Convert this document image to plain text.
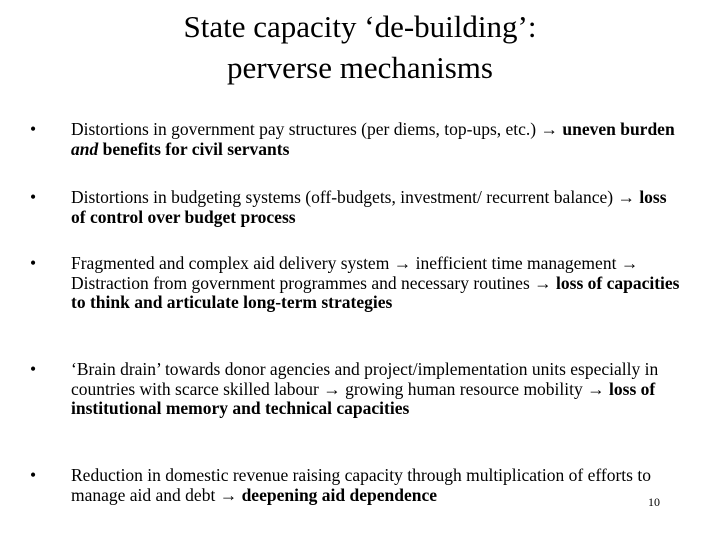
State capacity ‘de-building’:
perverse mechanisms
•	Distortions in government pay structures (per diems, top-ups, etc.) → uneven burden and benefits for civil servants
•	Distortions in budgeting systems (off-budgets, investment/ recurrent balance) → loss of control over budget process
•	Fragmented and complex aid delivery system → inefficient time management → Distraction from government programmes and necessary routines → loss of capacities to think and articulate long-term strategies
•	‘Brain drain’ towards donor agencies and project/implementation units especially in countries with scarce skilled labour → growing human resource mobility → loss of institutional memory and technical capacities
•	Reduction in domestic revenue raising capacity through multiplication of efforts to manage aid and debt → deepening aid dependence	10
